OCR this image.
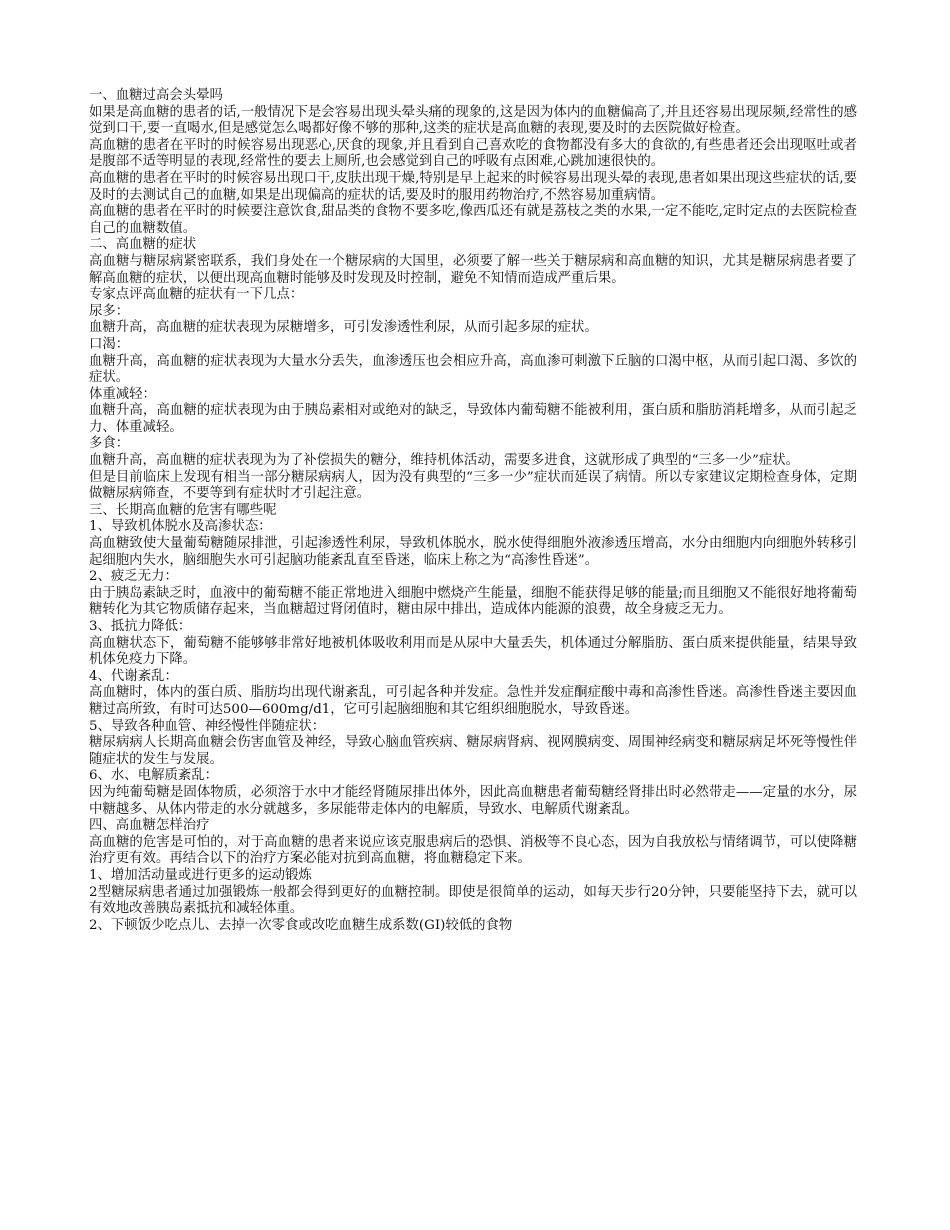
一、血糖过高会头晕吗

如果是高血糖的患者的话,一般情况下是会容易出现头晕头痛的现象的,这是因为体内的血糖偏高了,并且还容易出现尿频,经常性的感觉到口干,要一直喝水,但是感觉怎么喝都好像不够的那种,这类的症状是高血糖的表现,要及时的去医院做好检查。

高血糖的患者在平时的时候容易出现恶心,厌食的现象,并且看到自己喜欢吃的食物都没有多大的食欲的,有些患者还会出现呕吐或者是腹部不适等明显的表现,经常性的要去上厕所,也会感觉到自己的呼吸有点困难,心跳加速很快的。

高血糖的患者在平时的时候容易出现口干,皮肤出现干燥,特别是早上起来的时候容易出现头晕的表现,患者如果出现这些症状的话,要及时的去测试自己的血糖,如果是出现偏高的症状的话,要及时的服用药物治疗,不然容易加重病情。

高血糖的患者在平时的时候要注意饮食,甜品类的食物不要多吃,像西瓜还有就是荔枝之类的水果,一定不能吃,定时定点的去医院检查自己的血糖数值。

二、高血糖的症状

高血糖与糖尿病紧密联系，我们身处在一个糖尿病的大国里，必须要了解一些关于糖尿病和高血糖的知识，尤其是糖尿病患者要了解高血糖的症状，以便出现高血糖时能够及时发现及时控制，避免不知情而造成严重后果。

专家点评高血糖的症状有一下几点：

尿多：

血糖升高，高血糖的症状表现为尿糖增多，可引发渗透性利尿，从而引起多尿的症状。

口渴：

血糖升高，高血糖的症状表现为大量水分丢失，血渗透压也会相应升高，高血渗可刺激下丘脑的口渴中枢，从而引起口渴、多饮的症状。

体重减轻：

血糖升高，高血糖的症状表现为由于胰岛素相对或绝对的缺乏，导致体内葡萄糖不能被利用，蛋白质和脂肪消耗增多，从而引起乏力、体重减轻。

多食：

血糖升高，高血糖的症状表现为为了补偿损失的糖分，维持机体活动，需要多进食，这就形成了典型的“三多一少”症状。

但是目前临床上发现有相当一部分糖尿病病人，因为没有典型的“三多一少”症状而延误了病情。所以专家建议定期检查身体，定期做糖尿病筛查，不要等到有症状时才引起注意。

三、长期高血糖的危害有哪些呢

1、导致机体脱水及高渗状态：

高血糖致使大量葡萄糖随尿排泄，引起渗透性利尿，导致机体脱水，脱水使得细胞外液渗透压增高，水分由细胞内向细胞外转移引起细胞内失水，脑细胞失水可引起脑功能紊乱直至昏迷，临床上称之为“高渗性昏迷”。

2、疲乏无力：

由于胰岛素缺乏时，血液中的葡萄糖不能正常地进入细胞中燃烧产生能量，细胞不能获得足够的能量;而且细胞又不能很好地将葡萄糖转化为其它物质储存起来，当血糖超过肾闭值时，糖由尿中排出，造成体内能源的浪费，故全身疲乏无力。

3、抵抗力降低：

高血糖状态下，葡萄糖不能够够非常好地被机体吸收利用而是从尿中大量丢失，机体通过分解脂肪、蛋白质来提供能量，结果导致机体免疫力下降。

4、代谢紊乱：

高血糖时，体内的蛋白质、脂肪均出现代谢紊乱，可引起各种并发症。急性并发症酮症酸中毒和高渗性昏迷。高渗性昏迷主要因血糖过高所致，有时可达500—600mg/d1，它可引起脑细胞和其它组织细胞脱水，导致昏迷。

5、导致各种血管、神经慢性伴随症状：

糖尿病病人长期高血糖会伤害血管及神经，导致心脑血管疾病、糖尿病肾病、视网膜病变、周围神经病变和糖尿病足坏死等慢性伴随症状的发生与发展。

6、水、电解质紊乱：

因为纯葡萄糖是固体物质，必须溶于水中才能经肾随尿排出体外，因此高血糖患者葡萄糖经肾排出时必然带走——定量的水分，尿中糖越多、从体内带走的水分就越多，多尿能带走体内的电解质，导致水、电解质代谢紊乱。

四、高血糖怎样治疗

高血糖的危害是可怕的，对于高血糖的患者来说应该克服患病后的恐惧、消极等不良心态，因为自我放松与情绪调节，可以使降糖治疗更有效。再结合以下的治疗方案必能对抗到高血糖，将血糖稳定下来。

1、增加活动量或进行更多的运动锻炼

2型糖尿病患者通过加强锻炼一般都会得到更好的血糖控制。即使是很简单的运动，如每天步行20分钟，只要能坚持下去，就可以有效地改善胰岛素抵抗和减轻体重。

2、下顿饭少吃点儿、去掉一次零食或改吃血糖生成系数(GI)较低的食物
